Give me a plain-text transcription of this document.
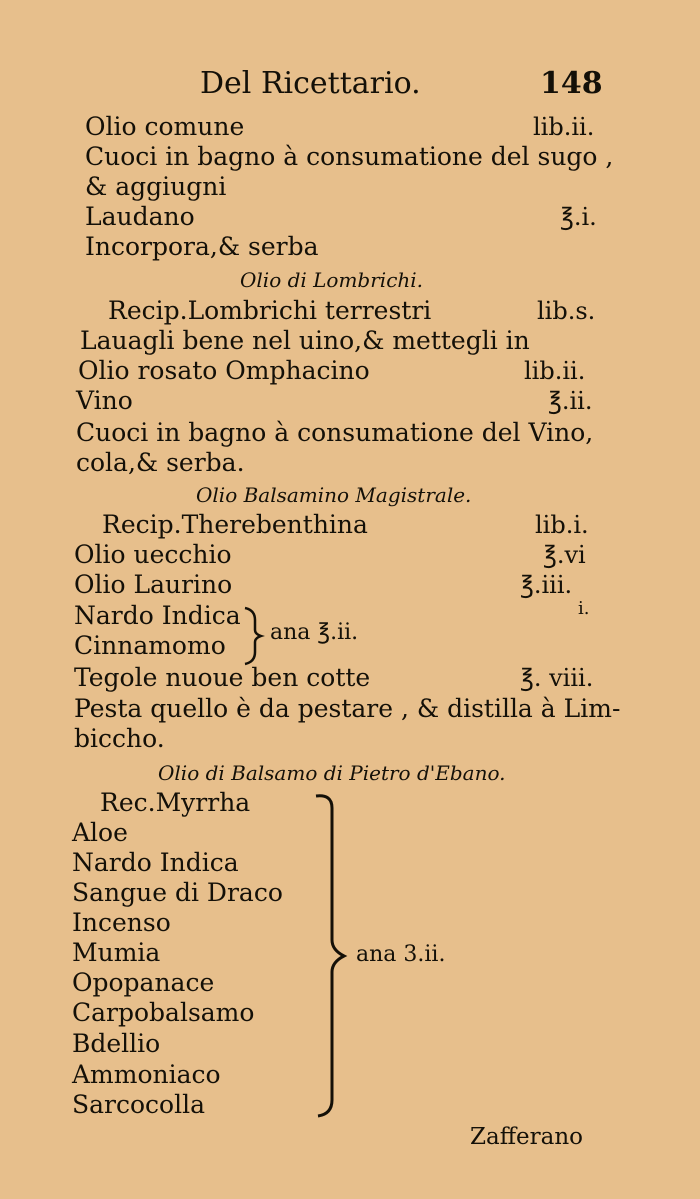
Del Ricettario.	148
Olio comune	lib.ii.
Cuoci in bagno à consumatione del sugo ,
& aggiugni
Laudano	℥.i.
Incorpora,& serba
Olio di Lombrichi.
Recip.Lombrichi terrestri	lib.s.
Lauagli bene nel uino,& mettegli in
Olio rosato Omphacino	lib.ii.
Vino	℥.ii.
Cuoci in bagno à consumatione del Vino,
cola,& serba.
Olio Balsamino Magistrale.
Recip.Therebenthina	lib.i.
Olio uecchio	℥.vi
Olio Laurino	℥.iii.
i.
Nardo Indica
Cinnamomo ana ℥.ii.
Tegole nuoue ben cotte	℥. viii.
Pesta quello è da pestare , & distilla à Lim-
biccho.
Olio di Balsamo di Pietro d'Ebano.
Rec.Myrrha
Aloe
Nardo Indica
Sangue di Draco
Incenso
Mumia
Opopanace
Carpobalsamo
Bdellio
Ammoniaco
Sarcocolla
ana 3.ii.
Zafferano
